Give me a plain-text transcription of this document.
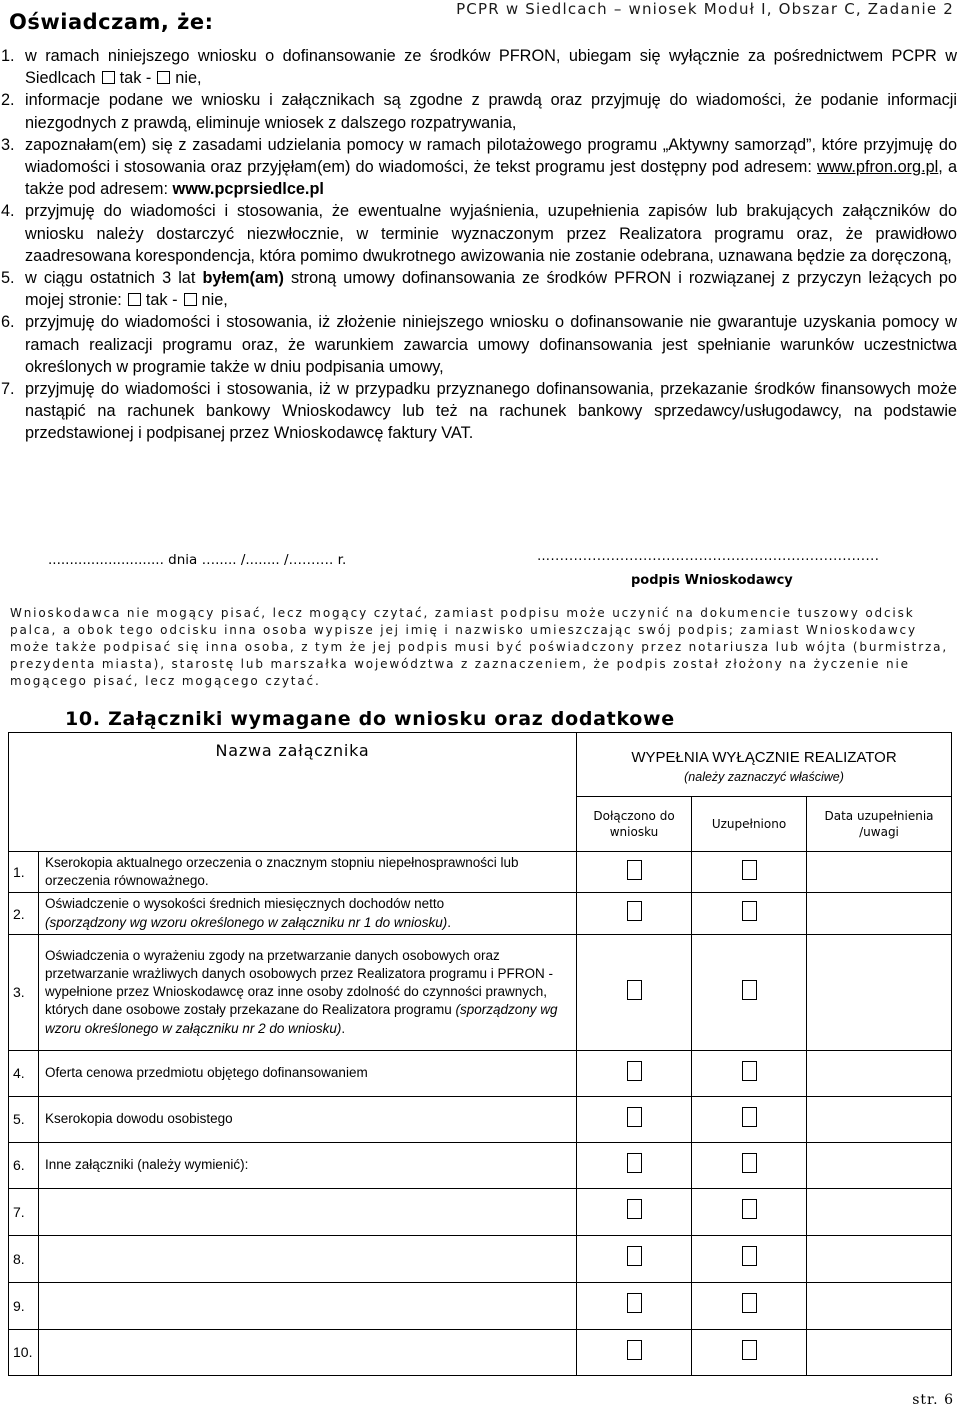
PCPR w Siedlcach – wniosek Moduł I, Obszar C, Zadanie 2
Oświadczam, że:
1. w ramach niniejszego wniosku o dofinansowanie ze środków PFRON, ubiegam się wyłącznie za pośrednictwem PCPR w Siedlcach tak - nie,
2. informacje podane we wniosku i załącznikach są zgodne z prawdą oraz przyjmuję do wiadomości, że podanie informacji niezgodnych z prawdą, eliminuje wniosek z dalszego rozpatrywania,
3. zapoznałam(em) się z zasadami udzielania pomocy w ramach pilotażowego programu „Aktywny samorząd”, które przyjmuję do wiadomości i stosowania oraz przyjęłam(em) do wiadomości, że tekst programu jest dostępny pod adresem: www.pfron.org.pl, a także pod adresem: www.pcprsiedlce.pl
4. przyjmuję do wiadomości i stosowania, że ewentualne wyjaśnienia, uzupełnienia zapisów lub brakujących załączników do wniosku należy dostarczyć niezwłocznie, w terminie wyznaczonym przez Realizatora programu oraz, że prawidłowo zaadresowana korespondencja, która pomimo dwukrotnego awizowania nie zostanie odebrana, uznawana będzie za doręczoną,
5. w ciągu ostatnich 3 lat byłem(am) stroną umowy dofinansowania ze środków PFRON i rozwiązanej z przyczyn leżących po mojej stronie: tak - nie,
6. przyjmuję do wiadomości i stosowania, iż złożenie niniejszego wniosku o dofinansowanie nie gwarantuje uzyskania pomocy w ramach realizacji programu oraz, że warunkiem zawarcia umowy dofinansowania jest spełnianie warunków uczestnictwa określonych w programie także w dniu podpisania umowy,
7. przyjmuję do wiadomości i stosowania, iż w przypadku przyznanego dofinansowania, przekazanie środków finansowych może nastąpić na rachunek bankowy Wnioskodawcy lub też na rachunek bankowy sprzedawcy/usługodawcy, na podstawie przedstawionej i podpisanej przez Wnioskodawcę faktury VAT.
........................... dnia …..... /........ /………. r.	….......................................................................
podpis Wnioskodawcy
Wnioskodawca nie mogący pisać, lecz mogący czytać, zamiast podpisu może uczynić na dokumencie tuszowy odcisk palca, a obok tego odcisku inna osoba wypisze jej imię i nazwisko umieszczając swój podpis; zamiast Wnioskodawcy może także podpisać się inna osoba, z tym że jej podpis musi być poświadczony przez notariusza lub wójta (burmistrza, prezydenta miasta), starostę lub marszałka województwa z zaznaczeniem, że podpis został złożony na życzenie nie mogącego pisać, lecz mogącego czytać.
10. Załączniki wymagane do wniosku oraz dodatkowe
Nazwa załącznika		WYPEŁNIA WYŁĄCZNIE REALIZATOR
(należy zaznaczyć właściwe)		

		Dołączono do wniosku	Uzupełniono	Data uzupełnienia /uwagi
1.	Kserokopia aktualnego orzeczenia o znacznym stopniu niepełnosprawności lub orzeczenia równoważnego.			
2.	Oświadczenie o wysokości średnich miesięcznych dochodów netto
(sporządzony wg wzoru określonego w załączniku nr 1 do wniosku).			
3.	Oświadczenia o wyrażeniu zgody na przetwarzanie danych osobowych oraz przetwarzanie wrażliwych danych osobowych przez Realizatora programu i PFRON - wypełnione przez Wnioskodawcę oraz inne osoby zdolność do czynności prawnych, których dane osobowe zostały przekazane do Realizatora programu (sporządzony wg wzoru określonego w załączniku nr 2 do wniosku).			
4.	Oferta cenowa przedmiotu objętego dofinansowaniem			
5.	Kserokopia dowodu osobistego			
6.	Inne załączniki (należy wymienić):			
7.				
8.				
9.				
10.				
str. 6
